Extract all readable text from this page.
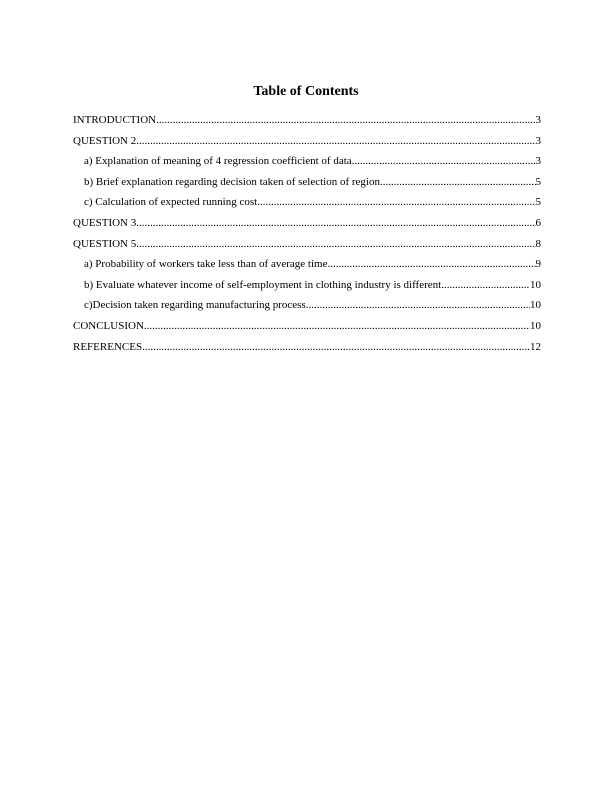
Table of Contents
INTRODUCTION .....	3
QUESTION 2 .....	3
a) Explanation of meaning of 4 regression coefficient of data .....	3
b) Brief explanation regarding decision taken of selection of region .....	5
c) Calculation of expected running cost .....	5
QUESTION 3 .....	6
QUESTION 5 .....	8
a) Probability of workers take less than of average time .....	9
b) Evaluate whatever income of self-employment in clothing industry is different .....	10
c)Decision taken regarding manufacturing process .....	10
CONCLUSION .....	10
REFERENCES .....	12
